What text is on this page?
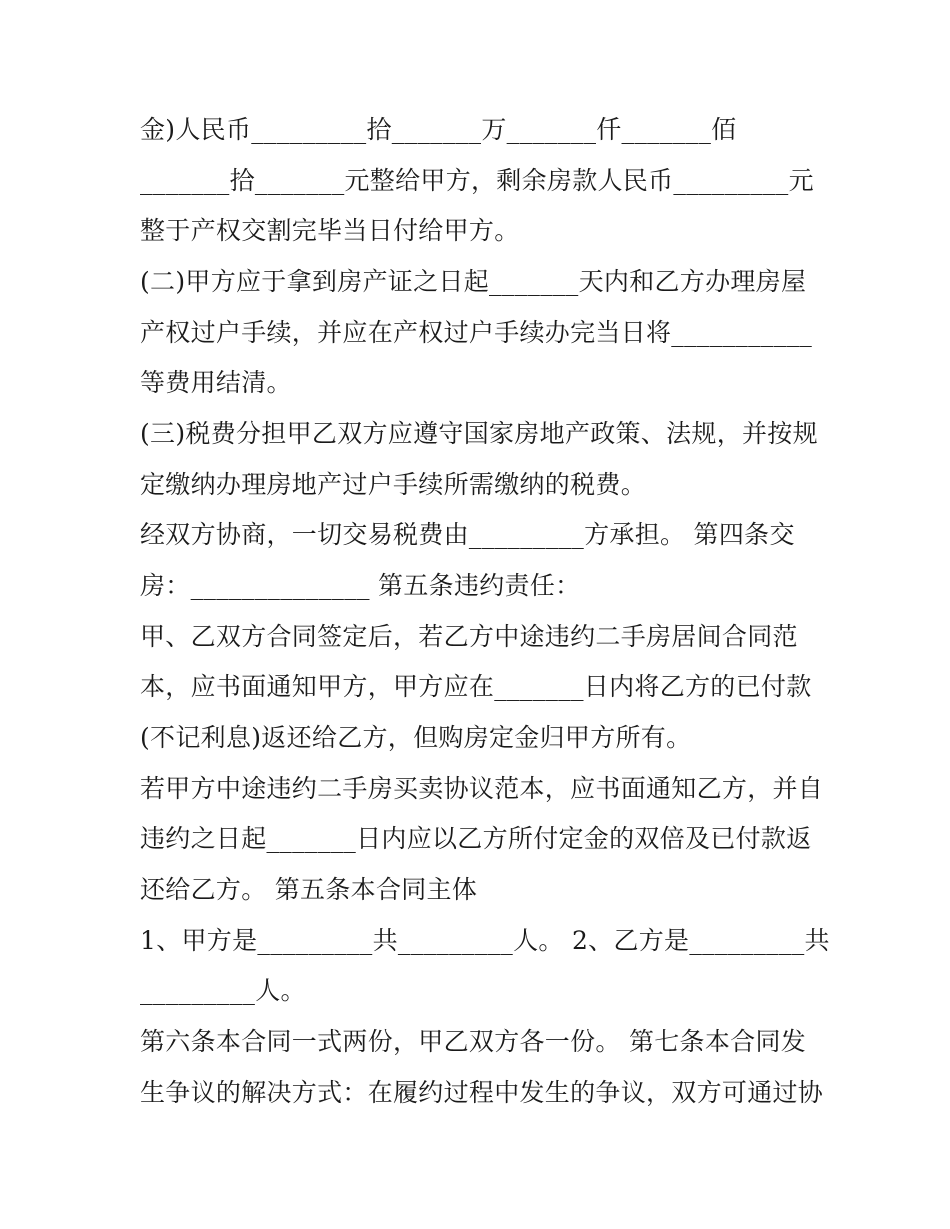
金)人民币_________拾_______万_______仟_______佰
_______拾_______元整给甲方，剩余房款人民币_________元
整于产权交割完毕当日付给甲方。
(二)甲方应于拿到房产证之日起_______天内和乙方办理房屋
产权过户手续，并应在产权过户手续办完当日将___________
等费用结清。
(三)税费分担甲乙双方应遵守国家房地产政策、法规，并按规
定缴纳办理房地产过户手续所需缴纳的税费。
经双方协商，一切交易税费由_________方承担。 第四条交
房：______________ 第五条违约责任：
甲、乙双方合同签定后，若乙方中途违约二手房居间合同范
本，应书面通知甲方，甲方应在_______日内将乙方的已付款
(不记利息)返还给乙方，但购房定金归甲方所有。
若甲方中途违约二手房买卖协议范本，应书面通知乙方，并自
违约之日起_______日内应以乙方所付定金的双倍及已付款返
还给乙方。 第五条本合同主体
1、甲方是_________共_________人。 2、乙方是_________共
_________人。
第六条本合同一式两份，甲乙双方各一份。 第七条本合同发
生争议的解决方式：在履约过程中发生的争议，双方可通过协
